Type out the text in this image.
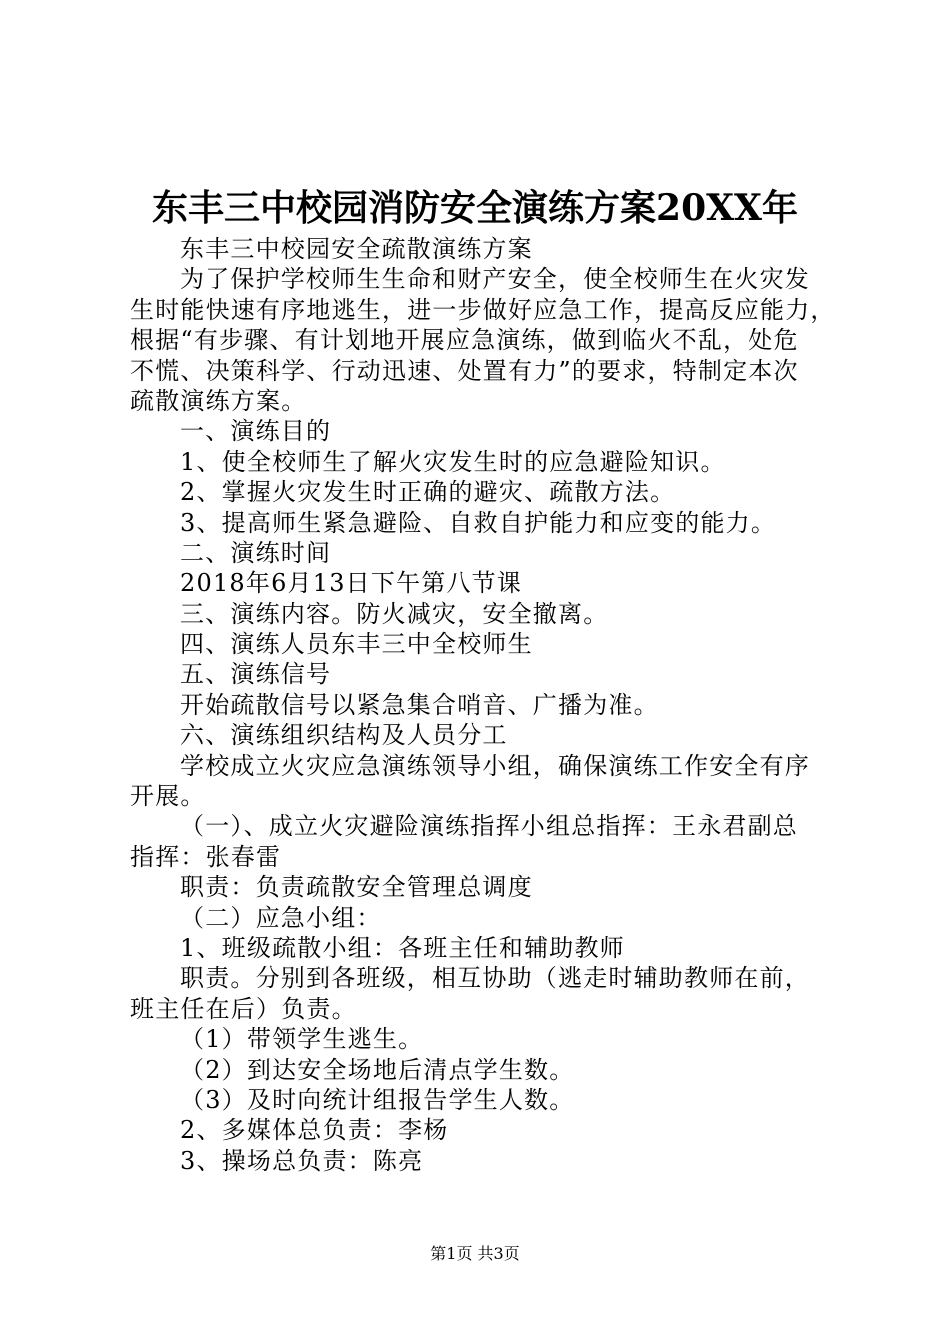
东丰三中校园消防安全演练方案20XX年
东丰三中校园安全疏散演练方案
为了保护学校师生生命和财产安全，使全校师生在火灾发
生时能快速有序地逃生，进一步做好应急工作，提高反应能力，
根据“有步骤、有计划地开展应急演练，做到临火不乱，处危
不慌、决策科学、行动迅速、处置有力”的要求，特制定本次
疏散演练方案。
一、演练目的
1、使全校师生了解火灾发生时的应急避险知识。
2、掌握火灾发生时正确的避灾、疏散方法。
3、提高师生紧急避险、自救自护能力和应变的能力。
二、演练时间
2018年6月13日下午第八节课
三、演练内容。防火减灾，安全撤离。
四、演练人员东丰三中全校师生
五、演练信号
开始疏散信号以紧急集合哨音、广播为准。
六、演练组织结构及人员分工
学校成立火灾应急演练领导小组，确保演练工作安全有序
开展。
（一）、成立火灾避险演练指挥小组总指挥：王永君副总
指挥：张春雷
职责：负责疏散安全管理总调度
（二）应急小组：
1、班级疏散小组：各班主任和辅助教师
职责。分别到各班级，相互协助（逃走时辅助教师在前，
班主任在后）负责。
（1）带领学生逃生。
（2）到达安全场地后清点学生数。
（3）及时向统计组报告学生人数。
2、多媒体总负责：李杨
3、操场总负责：陈亮
第1页 共3页
